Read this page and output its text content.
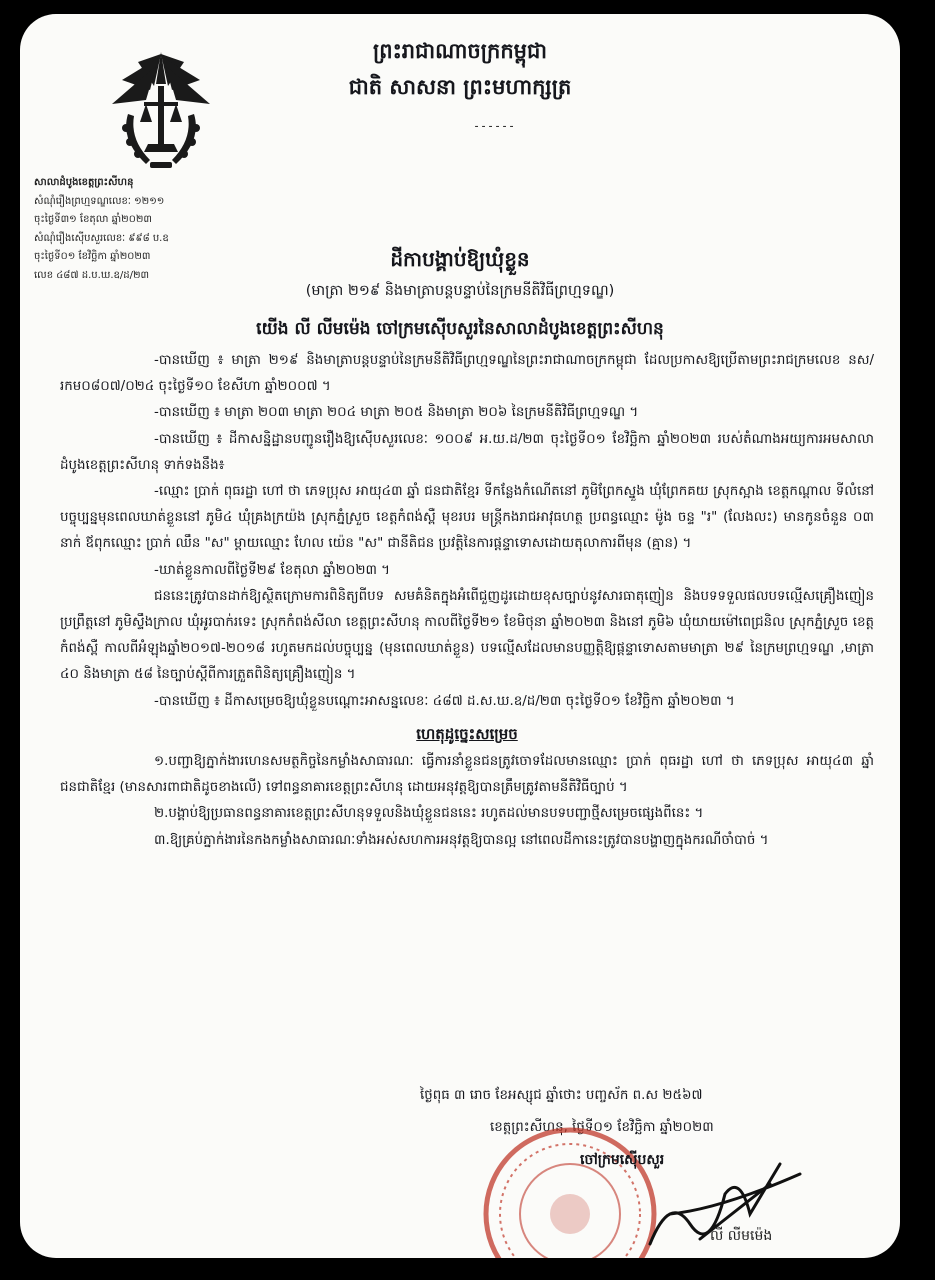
ព្រះរាជាណាចក្រកម្ពុជា
ជាតិ សាសនា ព្រះមហាក្សត្រ
⁃⁃⁃⁃⁃⁃
សាលាដំបូងខេត្តព្រះសីហនុ
សំណុំរឿងព្រហ្មទណ្ឌលេខៈ ១២១១
ចុះថ្ងៃទី៣១ ខែតុលា ឆ្នាំ២០២៣
សំណុំរឿងស៊ើបសួរលេខៈ ៩៩៨ ប.ឧ
ចុះថ្ងៃទី០១ ខែវិច្ឆិកា ឆ្នាំ២០២៣
លេខ ៤៨៧ ដ.ប.ឃ.ឧ/ដ/២៣
ដីកាបង្គាប់ឱ្យឃុំខ្លួន
(មាត្រា ២១៩ និងមាត្រាបន្តបន្ទាប់នៃក្រមនីតិវិធីព្រហ្មទណ្ឌ)
យើង លី លីមម៉េង ចៅក្រមស៊ើបសួរនៃសាលាដំបូងខេត្តព្រះសីហនុ

-បានឃើញ ៖ មាត្រា ២១៩ និងមាត្រាបន្តបន្ទាប់នៃក្រមនីតិវិធីព្រហ្មទណ្ឌនៃព្រះរាជាណាចក្រកម្ពុជា ដែលប្រកាសឱ្យប្រើតាមព្រះរាជក្រមលេខ នស/រកម០៨០៧/០២៤ ចុះថ្ងៃទី១០ ខែសីហា ឆ្នាំ២០០៧ ។

-បានឃើញ ៖ មាត្រា ២០៣ មាត្រា ២០៤ មាត្រា ២០៥ និងមាត្រា ២០៦ នៃក្រមនីតិវិធីព្រហ្មទណ្ឌ ។

-បានឃើញ ៖ ដីកាសន្និដ្ឋានបញ្ជូនរឿងឱ្យស៊ើបសួរលេខៈ ១០០៩ អ.យ.ដ/២៣ ចុះថ្ងៃទី០១ ខែវិច្ឆិកា ឆ្នាំ២០២៣ របស់តំណាងអយ្យការអមសាលាដំបូងខេត្តព្រះសីហនុ ទាក់ទងនឹង៖

-ឈ្មោះ ប្រាក់ ពុធរដ្ឋា ហៅ ថា ភេទប្រុស អាយុ៤៣ ឆ្នាំ ជនជាតិខ្មែរ ទីកន្លែងកំណើតនៅ ភូមិព្រែកស្នួង ឃុំព្រែកគយ ស្រុកស្អាង ខេត្តកណ្ដាល ទីលំនៅបច្ចុប្បន្នមុនពេលឃាត់ខ្លួននៅ ភូមិ៤ ឃុំគ្រងក្រយ៉ង ស្រុកភ្នំស្រួច ខេត្តកំពង់ស្ពឺ មុខរបរ មន្ត្រីកងរាជអាវុធហត្ថ ប្រពន្ធឈ្មោះ ម៉ូង ចន្ទ "រ" (លែងលះ) មានកូនចំនួន ០៣ នាក់ ឪពុកឈ្មោះ ប្រាក់ ឈឹន "ស" ម្ដាយឈ្មោះ ហែល យ៉េន "ស" ជានីតិជន ប្រវត្តិនៃការផ្ដន្ទាទោសដោយតុលាការពីមុន (គ្មាន) ។

-ឃាត់ខ្លួនកាលពីថ្ងៃទី២៩ ខែតុលា ឆ្នាំ២០២៣ ។

ជននេះត្រូវបានដាក់ឱ្យស្ថិតក្រោមការពិនិត្យពីបទ សមគំនិតក្នុងអំពើជួញដូរដោយខុសច្បាប់នូវសារធាតុញៀន និងបទទទួលផលបទល្មើសគ្រឿងញៀន ប្រព្រឹត្តនៅ ភូមិស្ទឹងក្រាល ឃុំអូរបាក់រទេះ ស្រុកកំពង់សីលា ខេត្តព្រះសីហនុ កាលពីថ្ងៃទី២១ ខែមិថុនា ឆ្នាំ២០២៣ និងនៅ ភូមិ៦ ឃុំយាយម៉ៅពេជ្រនិល ស្រុកភ្នំស្រួច ខេត្តកំពង់ស្ពឺ កាលពីអំឡុងឆ្នាំ២០១៧-២០១៨ រហូតមកដល់បច្ចុប្បន្ន (មុនពេលឃាត់ខ្លួន) បទល្មើសដែលមានបញ្ញត្តិឱ្យផ្ដន្ទាទោសតាមមាត្រា ២៩ នៃក្រមព្រហ្មទណ្ឌ ,មាត្រា ៤០ និងមាត្រា ៥៨ នៃច្បាប់ស្ដីពីការត្រួតពិនិត្យគ្រឿងញៀន ។

-បានឃើញ ៖ ដីកាសម្រេចឱ្យឃុំខ្លួនបណ្ដោះអាសន្នលេខៈ ៤៨៧ ដ.ស.ឃ.ឧ/ដ/២៣ ចុះថ្ងៃទី០១ ខែវិច្ឆិកា ឆ្នាំ២០២៣ ។

ហេតុដូច្នេះសម្រេច

១.បញ្ជាឱ្យភ្នាក់ងារហេនសមត្ថកិច្ចនៃកម្លាំងសាធារណៈ ធ្វើការនាំខ្លួនជនត្រូវចោទដែលមានឈ្មោះ ប្រាក់ ពុធរដ្ឋា ហៅ ថា ភេទប្រុស អាយុ៤៣ ឆ្នាំ ជនជាតិខ្មែរ (មានសារពាជាតិដូចខាងលើ) ទៅពន្ធនាគារខេត្តព្រះសីហនុ ដោយអនុវត្តឱ្យបានត្រឹមត្រូវតាមនីតិវិធីច្បាប់ ។

២.បង្គាប់ឱ្យប្រធានពន្ធនាគារខេត្តព្រះសីហនុទទួលនិងឃុំខ្លួនជននេះ រហូតដល់មានបទបញ្ជាថ្មីសម្រេចផ្សេងពីនេះ ។

៣.ឱ្យគ្រប់ភ្នាក់ងារនៃកងកម្លាំងសាធារណៈទាំងអស់សហការអនុវត្តឱ្យបានល្អ នៅពេលដីកានេះត្រូវបានបង្ហាញក្នុងករណីចាំបាច់ ។

ថ្ងៃពុធ ៣ រោច ខែអស្សុជ ឆ្នាំថោះ បញ្ចស័ក ព.ស ២៥៦៧
ខេត្តព្រះសីហនុ, ថ្ងៃទី០១ ខែវិច្ឆិកា ឆ្នាំ២០២៣
ចៅក្រមស៊ើបសួរ
លី លីមម៉េង
